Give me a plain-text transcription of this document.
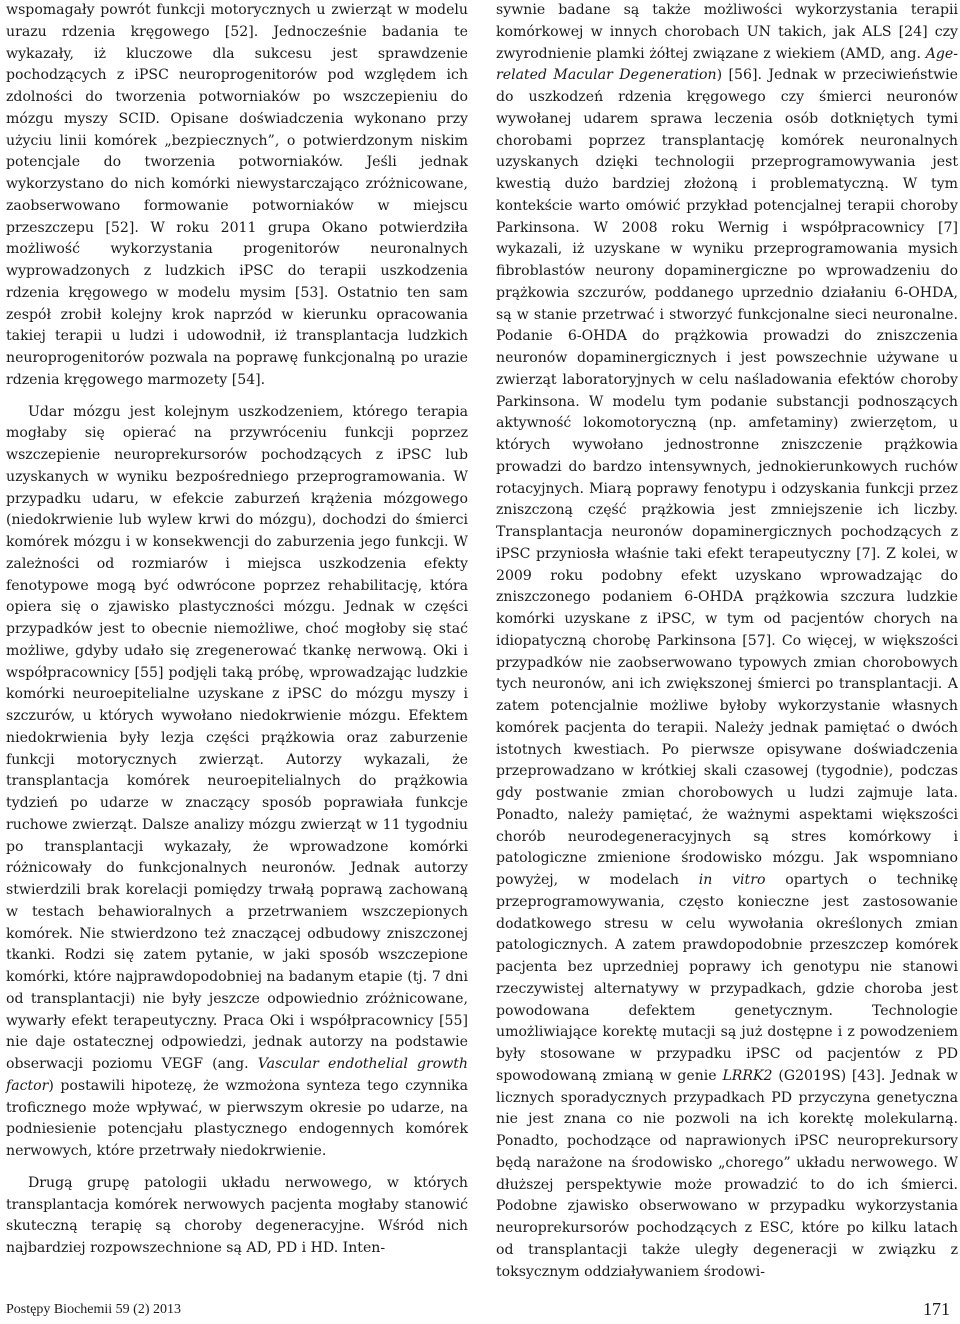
wspomagały powrót funkcji motorycznych u zwierząt w modelu urazu rdzenia kręgowego [52]. Jednocześnie badania te wykazały, iż kluczowe dla sukcesu jest sprawdzenie pochodzących z iPSC neuroprogenitorów pod względem ich zdolności do tworzenia potworniaków po wszczepieniu do mózgu myszy SCID. Opisane doświadczenia wykonano przy użyciu linii komórek „bezpiecznych”, o potwierdzonym niskim potencjale do tworzenia potworniaków. Jeśli jednak wykorzystano do nich komórki niewystarczająco zróżnicowane, zaobserwowano formowanie potworniaków w miejscu przeszczepu [52]. W roku 2011 grupa Okano potwierdziła możliwość wykorzystania progenitorów neuronalnych wyprowadzonych z ludzkich iPSC do terapii uszkodzenia rdzenia kręgowego w modelu mysim [53]. Ostatnio ten sam zespół zrobił kolejny krok naprzód w kierunku opracowania takiej terapii u ludzi i udowodnił, iż transplantacja ludzkich neuroprogenitorów pozwala na poprawę funkcjonalną po urazie rdzenia kręgowego marmozety [54].

Udar mózgu jest kolejnym uszkodzeniem, którego terapia mogłaby się opierać na przywróceniu funkcji poprzez wszczepienie neuroprekursorów pochodzących z iPSC lub uzyskanych w wyniku bezpośredniego przeprogramowania. W przypadku udaru, w efekcie zaburzeń krążenia mózgowego (niedokrwienie lub wylew krwi do mózgu), dochodzi do śmierci komórek mózgu i w konsekwencji do zaburzenia jego funkcji. W zależności od rozmiarów i miejsca uszkodzenia efekty fenotypowe mogą być odwrócone poprzez rehabilitację, która opiera się o zjawisko plastyczności mózgu. Jednak w części przypadków jest to obecnie niemożliwe, choć mogłoby się stać możliwe, gdyby udało się zregenerować tkankę nerwową. Oki i współpracownicy [55] podjęli taką próbę, wprowadzając ludzkie komórki neuroepitelialne uzyskane z iPSC do mózgu myszy i szczurów, u których wywołano niedokrwienie mózgu. Efektem niedokrwienia były lezja części prążkowia oraz zaburzenie funkcji motorycznych zwierząt. Autorzy wykazali, że transplantacja komórek neuroepitelialnych do prążkowia tydzień po udarze w znaczący sposób poprawiała funkcje ruchowe zwierząt. Dalsze analizy mózgu zwierząt w 11 tygodniu po transplantacji wykazały, że wprowadzone komórki różnicowały do funkcjonalnych neuronów. Jednak autorzy stwierdzili brak korelacji pomiędzy trwałą poprawą zachowaną w testach behawioralnych a przetrwaniem wszczepionych komórek. Nie stwierdzono też znaczącej odbudowy zniszczonej tkanki. Rodzi się zatem pytanie, w jaki sposób wszczepione komórki, które najprawdopodobniej na badanym etapie (tj. 7 dni od transplantacji) nie były jeszcze odpowiednio zróżnicowane, wywarły efekt terapeutyczny. Praca Oki i współpracownicy [55] nie daje ostatecznej odpowiedzi, jednak autorzy na podstawie obserwacji poziomu VEGF (ang. Vascular endothelial growth factor) postawili hipotezę, że wzmożona synteza tego czynnika troficznego może wpływać, w pierwszym okresie po udarze, na podniesienie potencjału plastycznego endogennych komórek nerwowych, które przetrwały niedokrwienie.

Drugą grupę patologii układu nerwowego, w których transplantacja komórek nerwowych pacjenta mogłaby stanowić skuteczną terapię są choroby degeneracyjne. Wśród nich najbardziej rozpowszechnione są AD, PD i HD. Inten-

sywnie badane są także możliwości wykorzystania terapii komórkowej w innych chorobach UN takich, jak ALS [24] czy zwyrodnienie plamki żółtej związane z wiekiem (AMD, ang. Age-related Macular Degeneration) [56]. Jednak w przeciwieństwie do uszkodzeń rdzenia kręgowego czy śmierci neuronów wywołanej udarem sprawa leczenia osób dotkniętych tymi chorobami poprzez transplantację komórek neuronalnych uzyskanych dzięki technologii przeprogramowywania jest kwestią dużo bardziej złożoną i problematyczną. W tym kontekście warto omówić przykład potencjalnej terapii choroby Parkinsona. W 2008 roku Wernig i współpracownicy [7] wykazali, iż uzyskane w wyniku przeprogramowania mysich fibroblastów neurony dopaminergiczne po wprowadzeniu do prążkowia szczurów, poddanego uprzednio działaniu 6-OHDA, są w stanie przetrwać i stworzyć funkcjonalne sieci neuronalne. Podanie 6-OHDA do prążkowia prowadzi do zniszczenia neuronów dopaminergicznych i jest powszechnie używane u zwierząt laboratoryjnych w celu naśladowania efektów choroby Parkinsona. W modelu tym podanie substancji podnoszących aktywność lokomotoryczną (np. amfetaminy) zwierzętom, u których wywołano jednostronne zniszczenie prążkowia prowadzi do bardzo intensywnych, jednokierunkowych ruchów rotacyjnych. Miarą poprawy fenotypu i odzyskania funkcji przez zniszczoną część prążkowia jest zmniejszenie ich liczby. Transplantacja neuronów dopaminergicznych pochodzących z iPSC przyniosła właśnie taki efekt terapeutyczny [7]. Z kolei, w 2009 roku podobny efekt uzyskano wprowadzając do zniszczonego podaniem 6-OHDA prążkowia szczura ludzkie komórki uzyskane z iPSC, w tym od pacjentów chorych na idiopatyczną chorobę Parkinsona [57]. Co więcej, w większości przypadków nie zaobserwowano typowych zmian chorobowych tych neuronów, ani ich zwiększonej śmierci po transplantacji. A zatem potencjalnie możliwe byłoby wykorzystanie własnych komórek pacjenta do terapii. Należy jednak pamiętać o dwóch istotnych kwestiach. Po pierwsze opisywane doświadczenia przeprowadzano w krótkiej skali czasowej (tygodnie), podczas gdy postwanie zmian chorobowych u ludzi zajmuje lata. Ponadto, należy pamiętać, że ważnymi aspektami większości chorób neurodegeneracyjnych są stres komórkowy i patologiczne zmienione środowisko mózgu. Jak wspomniano powyżej, w modelach in vitro opartych o technikę przeprogramowywania, często konieczne jest zastosowanie dodatkowego stresu w celu wywołania określonych zmian patologicznych. A zatem prawdopodobnie przeszczep komórek pacjenta bez uprzedniej poprawy ich genotypu nie stanowi rzeczywistej alternatywy w przypadkach, gdzie choroba jest powodowana defektem genetycznym. Technologie umożliwiające korektę mutacji są już dostępne i z powodzeniem były stosowane w przypadku iPSC od pacjentów z PD spowodowaną zmianą w genie LRRK2 (G2019S) [43]. Jednak w licznych sporadycznych przypadkach PD przyczyna genetyczna nie jest znana co nie pozwoli na ich korektę molekularną. Ponadto, pochodzące od naprawionych iPSC neuroprekursory będą narażone na środowisko „chorego” układu nerwowego. W dłuższej perspektywie może prowadzić to do ich śmierci. Podobne zjawisko obserwowano w przypadku wykorzystania neuroprekursorów pochodzących z ESC, które po kilku latach od transplantacji także uległy degeneracji w związku z toksycznym oddziaływaniem środowi-

Postępy Biochemii 59 (2) 2013	171
